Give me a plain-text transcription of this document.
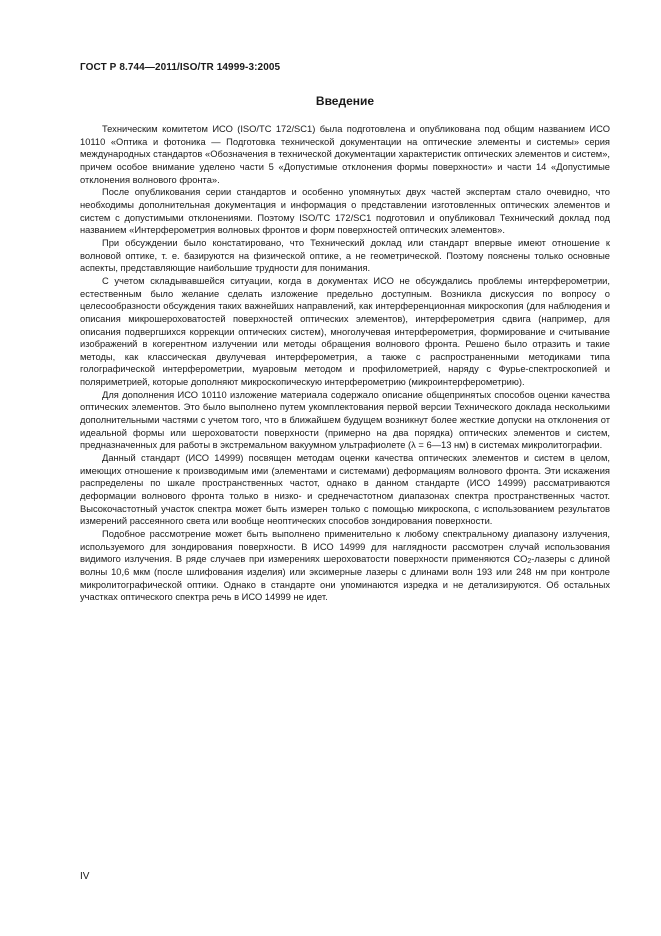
ГОСТ Р 8.744—2011/ISO/TR 14999-3:2005
Введение

Техническим комитетом ИСО (ISO/TC 172/SC1) была подготовлена и опубликована под общим названием ИСО 10110 «Оптика и фотоника — Подготовка технической документации на оптические элементы и системы» серия международных стандартов «Обозначения в технической документации характеристик оптических элементов и систем», причем особое внимание уделено части 5 «Допустимые отклонения формы поверхности» и части 14 «Допустимые отклонения волнового фронта».

После опубликования серии стандартов и особенно упомянутых двух частей экспертам стало очевидно, что необходимы дополнительная документация и информация о представлении изготовленных оптических элементов и систем с допустимыми отклонениями. Поэтому ISO/TC 172/SC1 подготовил и опубликовал Технический доклад под названием «Интерферометрия волновых фронтов и форм поверхностей оптических элементов».

При обсуждении было констатировано, что Технический доклад или стандарт впервые имеют отношение к волновой оптике, т. е. базируются на физической оптике, а не геометрической. Поэтому пояснены только основные аспекты, представляющие наибольшие трудности для понимания.

С учетом складывавшейся ситуации, когда в документах ИСО не обсуждались проблемы интерферометрии, естественным было желание сделать изложение предельно доступным. Возникла дискуссия по вопросу о целесообразности обсуждения таких важнейших направлений, как интерференционная микроскопия (для наблюдения и описания микрошероховатостей поверхностей оптических элементов), интерферометрия сдвига (например, для описания подвергшихся коррекции оптических систем), многолучевая интерферометрия, формирование и считывание изображений в когерентном излучении или методы обращения волнового фронта. Решено было отразить и такие методы, как классическая двулучевая интерферометрия, а также с распространенными методиками типа голографической интерферометрии, муаровым методом и профилометрией, наряду с Фурье-спектроскопией и поляриметрией, которые дополняют микроскопическую интерферометрию (микроинтерферометрию).

Для дополнения ИСО 10110 изложение материала содержало описание общепринятых способов оценки качества оптических элементов. Это было выполнено путем укомплектования первой версии Технического доклада несколькими дополнительными частями с учетом того, что в ближайшем будущем возникнут более жесткие допуски на отклонения от идеальной формы или шероховатости поверхности (примерно на два порядка) оптических элементов и систем, предназначенных для работы в экстремальном вакуумном ультрафиолете (λ = 6—13 нм) в системах микролитографии.

Данный стандарт (ИСО 14999) посвящен методам оценки качества оптических элементов и систем в целом, имеющих отношение к производимым ими (элементами и системами) деформациям волнового фронта. Эти искажения распределены по шкале пространственных частот, однако в данном стандарте (ИСО 14999) рассматриваются деформации волнового фронта только в низко- и среднечастотном диапазонах спектра пространственных частот. Высокочастотный участок спектра может быть измерен только с помощью микроскопа, с использованием результатов измерений рассеянного света или вообще неоптических способов зондирования поверхности.

Подобное рассмотрение может быть выполнено применительно к любому спектральному диапазону излучения, используемого для зондирования поверхности. В ИСО 14999 для наглядности рассмотрен случай использования видимого излучения. В ряде случаев при измерениях шероховатости поверхности применяются $CO_2$-лазеры с длиной волны 10,6 мкм (после шлифования изделия) или эксимерные лазеры с длинами волн 193 или 248 нм при контроле микролитографической оптики. Однако в стандарте они упоминаются изредка и не детализируются. Об остальных участках оптического спектра речь в ИСО 14999 не идет.

IV
